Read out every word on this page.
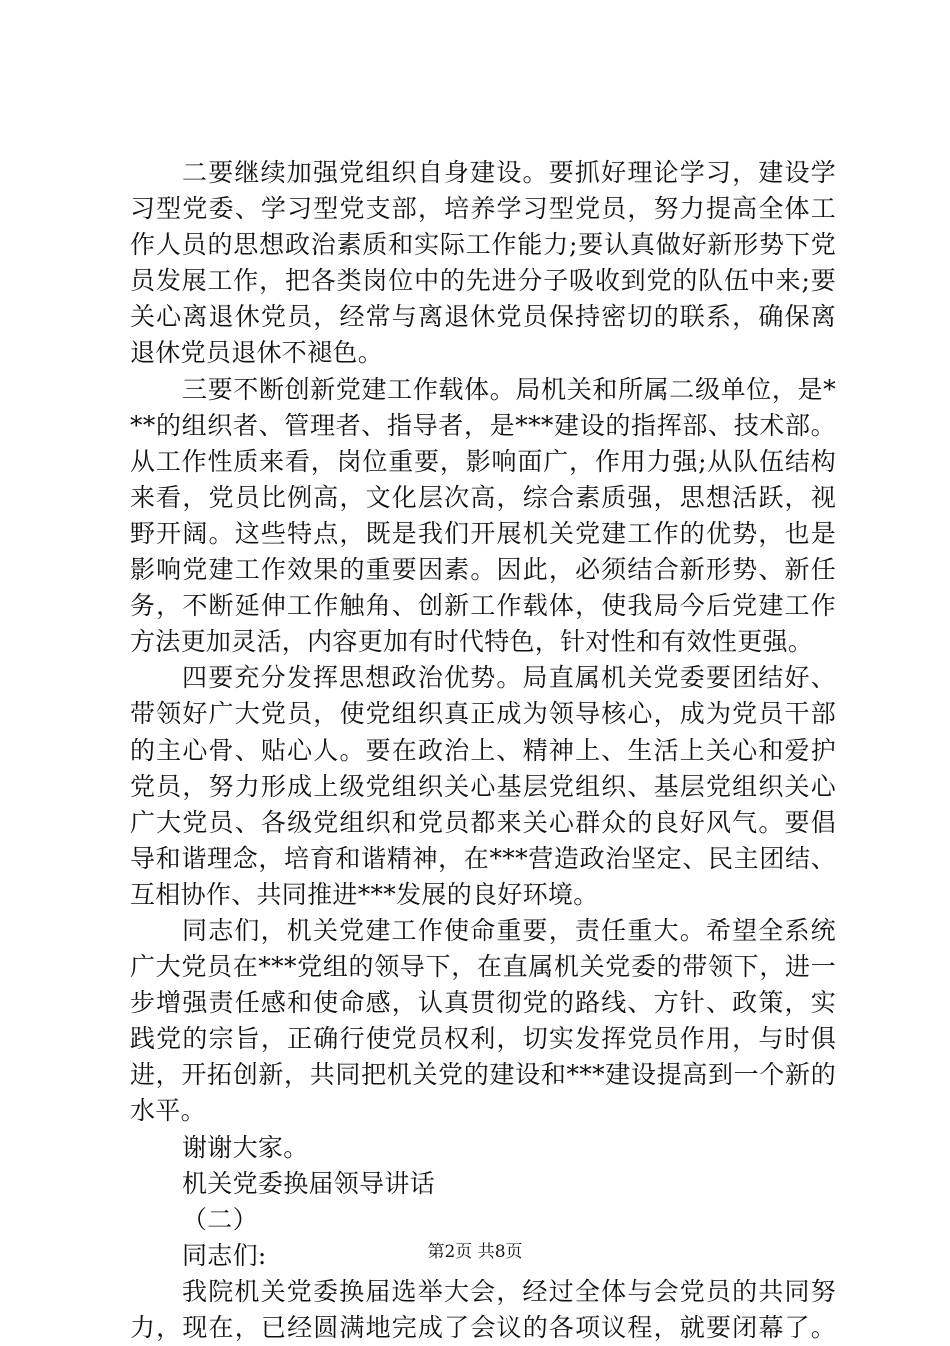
二要继续加强党组织自身建设。要抓好理论学习，建设学
习型党委、学习型党支部，培养学习型党员，努力提高全体工
作人员的思想政治素质和实际工作能力;要认真做好新形势下党
员发展工作，把各类岗位中的先进分子吸收到党的队伍中来;要
关心离退休党员，经常与离退休党员保持密切的联系，确保离
退休党员退休不褪色。
三要不断创新党建工作载体。局机关和所属二级单位，是*
**的组织者、管理者、指导者，是***建设的指挥部、技术部。
从工作性质来看，岗位重要，影响面广，作用力强;从队伍结构
来看，党员比例高，文化层次高，综合素质强，思想活跃，视
野开阔。这些特点，既是我们开展机关党建工作的优势，也是
影响党建工作效果的重要因素。因此，必须结合新形势、新任
务，不断延伸工作触角、创新工作载体，使我局今后党建工作
方法更加灵活，内容更加有时代特色，针对性和有效性更强。
四要充分发挥思想政治优势。局直属机关党委要团结好、
带领好广大党员，使党组织真正成为领导核心，成为党员干部
的主心骨、贴心人。要在政治上、精神上、生活上关心和爱护
党员，努力形成上级党组织关心基层党组织、基层党组织关心
广大党员、各级党组织和党员都来关心群众的良好风气。要倡
导和谐理念，培育和谐精神，在***营造政治坚定、民主团结、
互相协作、共同推进***发展的良好环境。
同志们，机关党建工作使命重要，责任重大。希望全系统
广大党员在***党组的领导下，在直属机关党委的带领下，进一
步增强责任感和使命感，认真贯彻党的路线、方针、政策，实
践党的宗旨，正确行使党员权利，切实发挥党员作用，与时俱
进，开拓创新，共同把机关党的建设和***建设提高到一个新的
水平。
谢谢大家。
机关党委换届领导讲话
（二）
同志们:
我院机关党委换届选举大会，经过全体与会党员的共同努
力，现在，已经圆满地完成了会议的各项议程，就要闭幕了。
第2页 共8页
